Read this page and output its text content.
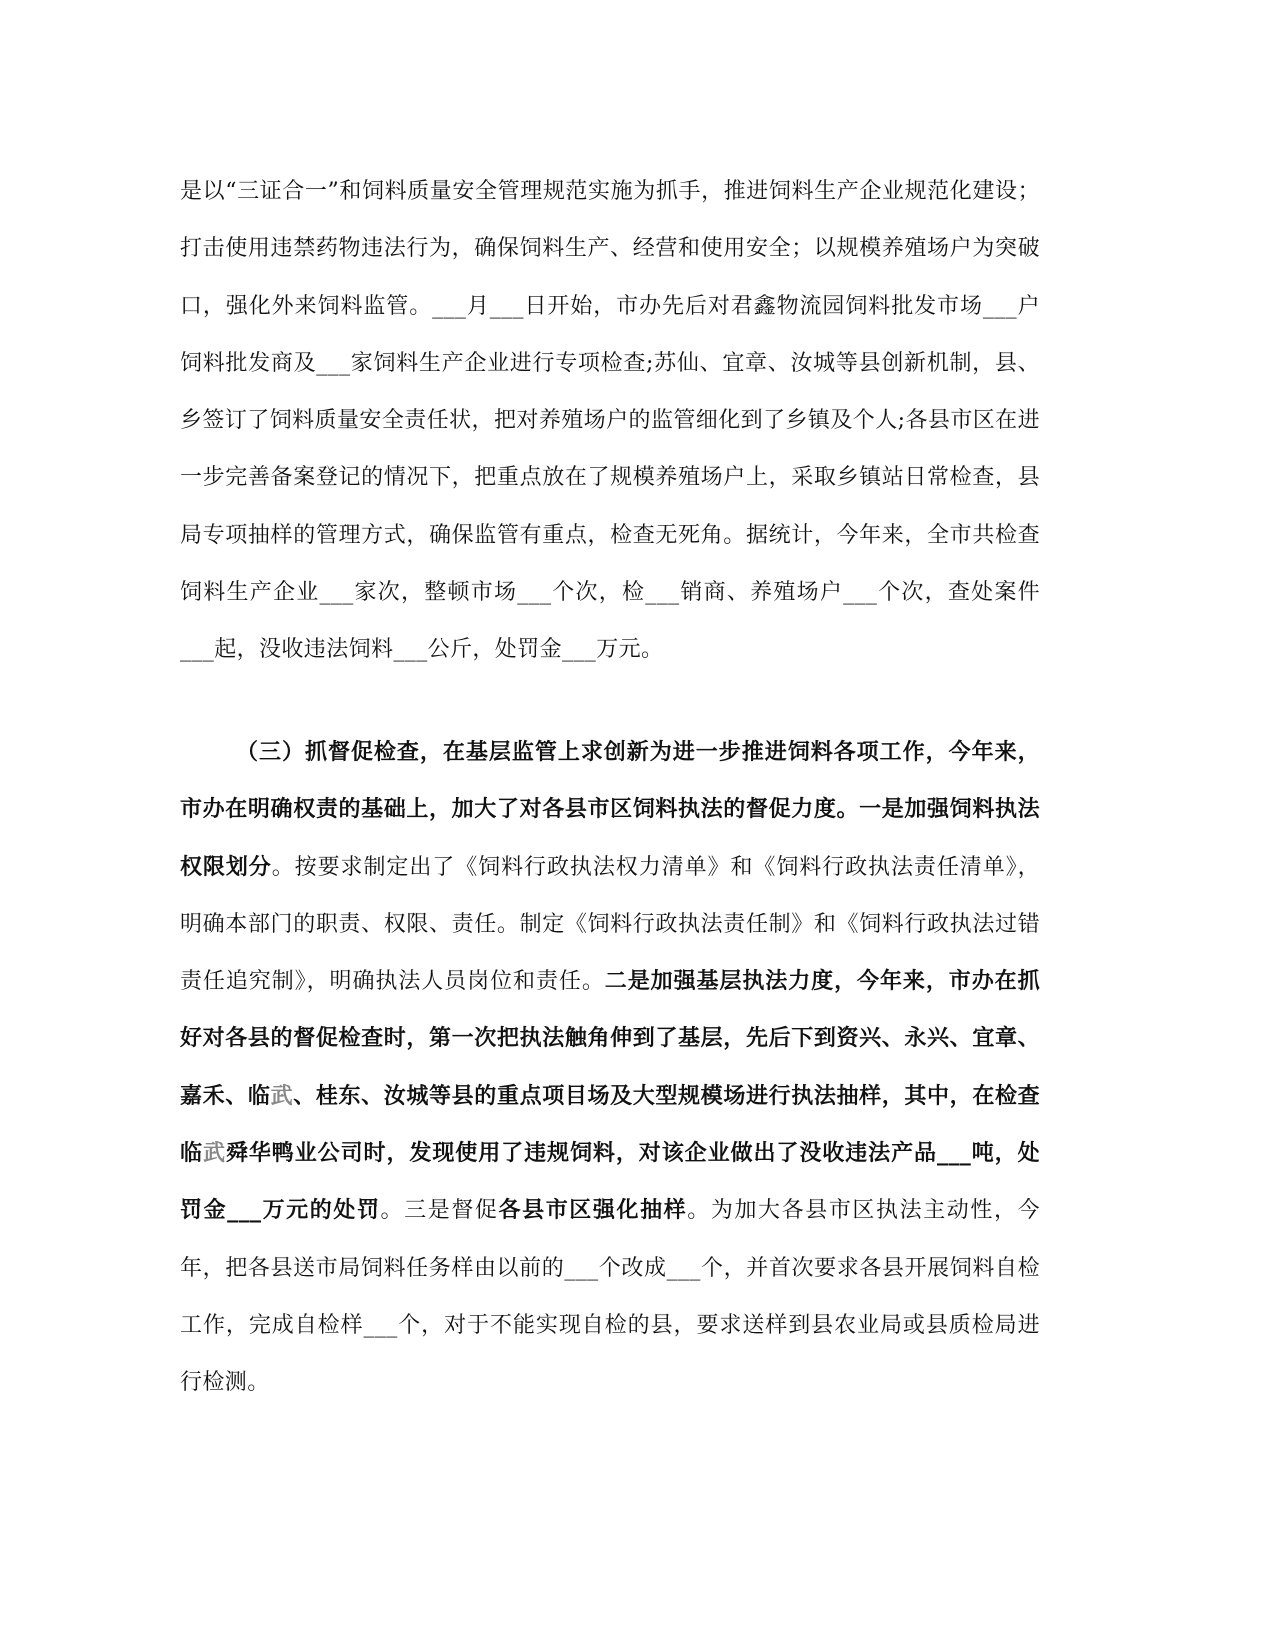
是以“三证合一”和饲料质量安全管理规范实施为抓手，推进饲料生产企业规范化建设；打击使用违禁药物违法行为，确保饲料生产、经营和使用安全；以规模养殖场户为突破口，强化外来饲料监管。___月___日开始，市办先后对君鑫物流园饲料批发市场___户饲料批发商及___家饲料生产企业进行专项检查;苏仙、宜章、汝城等县创新机制，县、乡签订了饲料质量安全责任状，把对养殖场户的监管细化到了乡镇及个人;各县市区在进一步完善备案登记的情况下，把重点放在了规模养殖场户上，采取乡镇站日常检查，县局专项抽样的管理方式，确保监管有重点，检查无死角。据统计，今年来，全市共检查饲料生产企业___家次，整顿市场___个次，检___销商、养殖场户___个次，查处案件___起，没收违法饲料___公斤，处罚金___万元。

（三）抓督促检查，在基层监管上求创新为进一步推进饲料各项工作，今年来，市办在明确权责的基础上，加大了对各县市区饲料执法的督促力度。一是加强饲料执法权限划分。按要求制定出了《饲料行政执法权力清单》和《饲料行政执法责任清单》，明确本部门的职责、权限、责任。制定《饲料行政执法责任制》和《饲料行政执法过错责任追究制》，明确执法人员岗位和责任。二是加强基层执法力度，今年来，市办在抓好对各县的督促检查时，第一次把执法触角伸到了基层，先后下到资兴、永兴、宜章、嘉禾、临武、桂东、汝城等县的重点项目场及大型规模场进行执法抽样，其中，在检查临武舜华鸭业公司时，发现使用了违规饲料，对该企业做出了没收违法产品___吨，处罚金___万元的处罚。三是督促各县市区强化抽样。为加大各县市区执法主动性，今年，把各县送市局饲料任务样由以前的___个改成___个，并首次要求各县开展饲料自检工作，完成自检样___个，对于不能实现自检的县，要求送样到县农业局或县质检局进行检测。
